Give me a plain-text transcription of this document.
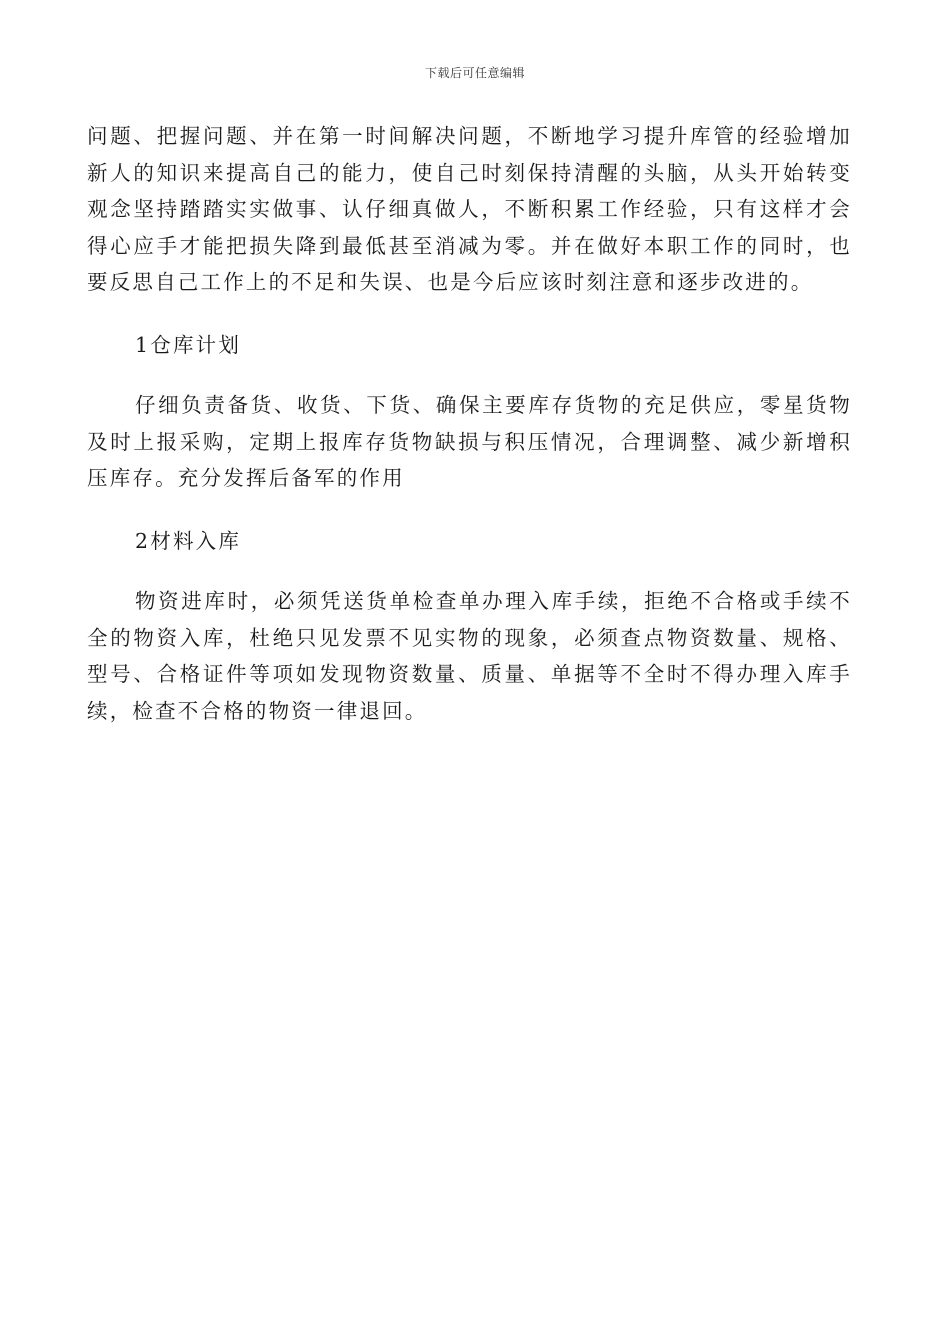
下载后可任意编辑

问题、把握问题、并在第一时间解决问题，不断地学习提升库管的经验增加新人的知识来提高自己的能力，使自己时刻保持清醒的头脑，从头开始转变观念坚持踏踏实实做事、认仔细真做人，不断积累工作经验，只有这样才会得心应手才能把损失降到最低甚至消减为零。并在做好本职工作的同时，也要反思自己工作上的不足和失误、也是今后应该时刻注意和逐步改进的。

1仓库计划

仔细负责备货、收货、下货、确保主要库存货物的充足供应，零星货物及时上报采购，定期上报库存货物缺损与积压情况，合理调整、减少新增积压库存。充分发挥后备军的作用

2材料入库

物资进库时，必须凭送货单检查单办理入库手续，拒绝不合格或手续不全的物资入库，杜绝只见发票不见实物的现象，必须查点物资数量、规格、型号、合格证件等项如发现物资数量、质量、单据等不全时不得办理入库手续，检查不合格的物资一律退回。
